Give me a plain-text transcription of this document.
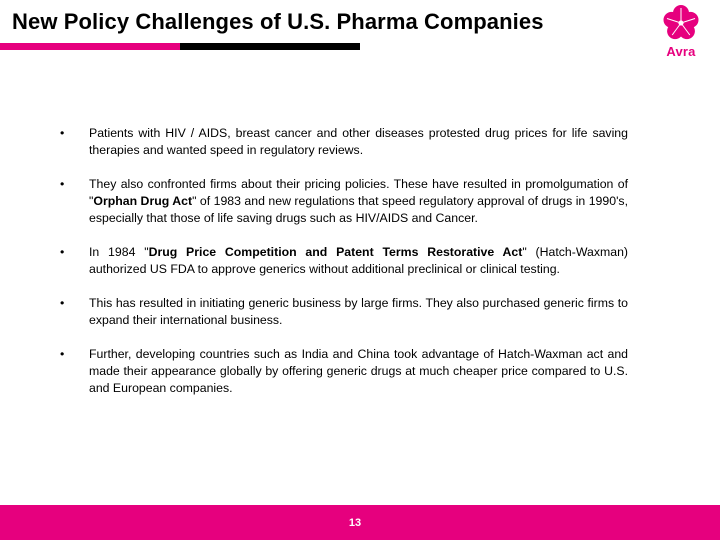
New Policy Challenges of U.S. Pharma Companies
Avra
• Patients with HIV / AIDS, breast cancer and other diseases protested drug prices for life saving therapies and wanted speed in regulatory reviews.
• They also confronted firms about their pricing policies. These have resulted in promolgumation of "Orphan Drug Act" of 1983 and new regulations that speed regulatory approval of drugs in 1990's, especially that those of life saving drugs such as HIV/AIDS and Cancer.
• In 1984 "Drug Price Competition and Patent Terms Restorative Act" (Hatch-Waxman) authorized US FDA to approve generics without additional preclinical or clinical testing.
• This has resulted in initiating generic business by large firms. They also purchased generic firms to expand their international business.
• Further, developing countries such as India and China took advantage of Hatch-Waxman act and made their appearance globally by offering generic drugs at much cheaper price compared to U.S. and European companies.
13
